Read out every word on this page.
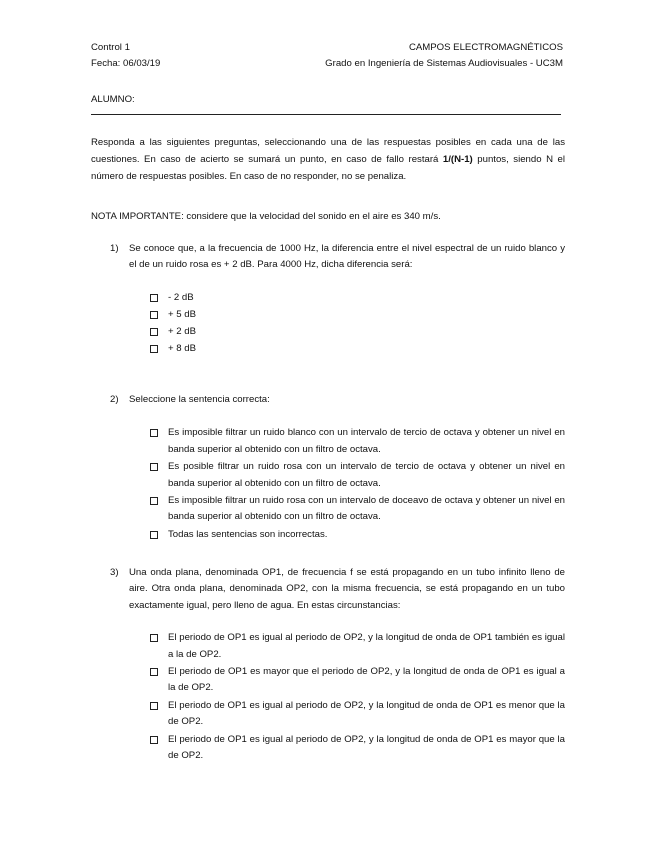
Control 1	CAMPOS ELECTROMAGNÉTICOS
Fecha: 06/03/19	Grado en Ingeniería de Sistemas Audiovisuales - UC3M
ALUMNO:
Responda a las siguientes preguntas, seleccionando una de las respuestas posibles en cada una de las cuestiones. En caso de acierto se sumará un punto, en caso de fallo restará 1/(N-1) puntos, siendo N el número de respuestas posibles. En caso de no responder, no se penaliza.
NOTA IMPORTANTE: considere que la velocidad del sonido en el aire es 340 m/s.
1)	Se conoce que, a la frecuencia de 1000 Hz, la diferencia entre el nivel espectral de un ruido blanco y el de un ruido rosa es + 2 dB. Para 4000 Hz, dicha diferencia será:
- 2 dB
+ 5 dB
+ 2 dB
+ 8 dB
2)	Seleccione la sentencia correcta:
Es imposible filtrar un ruido blanco con un intervalo de tercio de octava y obtener un nivel en banda superior al obtenido con un filtro de octava.
Es posible filtrar un ruido rosa con un intervalo de tercio de octava y obtener un nivel en banda superior al obtenido con un filtro de octava.
Es imposible filtrar un ruido rosa con un intervalo de doceavo de octava y obtener un nivel en banda superior al obtenido con un filtro de octava.
Todas las sentencias son incorrectas.
3)	Una onda plana, denominada OP1, de frecuencia f se está propagando en un tubo infinito lleno de aire. Otra onda plana, denominada OP2, con la misma frecuencia, se está propagando en un tubo exactamente igual, pero lleno de agua. En estas circunstancias:
El periodo de OP1 es igual al periodo de OP2, y la longitud de onda de OP1 también es igual a la de OP2.
El periodo de OP1 es mayor que el periodo de OP2, y la longitud de onda de OP1 es igual a la de OP2.
El periodo de OP1 es igual al periodo de OP2, y la longitud de onda de OP1 es menor que la de OP2.
El periodo de OP1 es igual al periodo de OP2, y la longitud de onda de OP1 es mayor que la de OP2.
